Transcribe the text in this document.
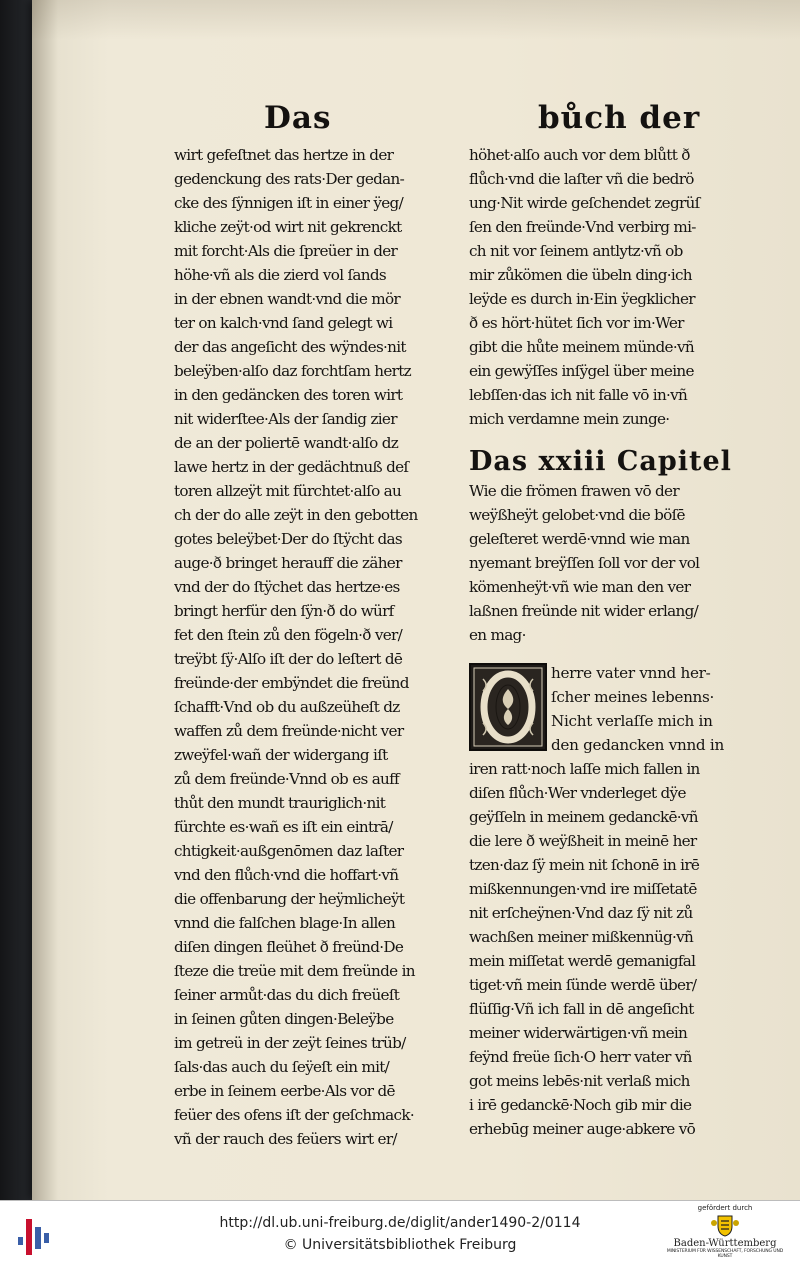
Das	bůch der
wirt gefeſtnet das hertze in der
gedenckung des rats·Der gedan-
cke des ſÿnnigen iſt in einer ÿeg/
kliche zeÿt·od wirt nit gekrenckt
mit forcht·Als die ſpreüer in der
höhe·vñ als die zierd vol ſands
in der ebnen wandt·vnd die mör
ter on kalch·vnd ſand gelegt wi
der das angeſicht des wÿndes·nit
beleÿben·alſo daz forchtſam hertz
in den gedäncken des toren wirt
nit widerſtee·Als der ſandig zier
de an der poliertē wandt·alſo dz
lawe hertz in der gedächtnuß deſ
toren allzeÿt mit fürchtet·alſo au
ch der do alle zeÿt in den gebotten
gotes beleÿbet·Der do ſtÿcht das
auge·ð bringet herauff die zäher
vnd der do ſtÿchet das hertze·es
bringt herfür den ſÿn·ð do würf
fet den ſtein zů den fögeln·ð ver/
treÿbt ſÿ·Alſo iſt der do leſtert dē
freünde·der embÿndet die freünd
ſchafft·Vnd ob du außzeüheſt dz
waffen zů dem freünde·nicht ver
zweÿfel·wañ der widergang iſt
zů dem freünde·Vnnd ob es auff
thůt den mundt trauriglich·nit
fürchte es·wañ es iſt ein eintrā/
chtigkeit·außgenōmen daz laſter
vnd den flůch·vnd die hoffart·vñ
die offenbarung der heÿmlicheÿt
vnnd die falſchen blage·In allen
diſen dingen fleühet ð freünd·De
ſteze die treüe mit dem freünde in
ſeiner armůt·das du dich freüeſt
in ſeinen gůten dingen·Beleÿbe
im getreü in der zeÿt ſeines trüb/
ſals·das auch du ſeÿeſt ein mit/
erbe in ſeinem eerbe·Als vor dē
feüer des ofens iſt der geſchmack·
vñ der rauch des feüers wirt er/
höhet·alſo auch vor dem blůtt ð
flůch·vnd die laſter vñ die bedrö
ung·Nit wirde geſchendet zegrüſ
ſen den freünde·Vnd verbirg mi-
ch nit vor ſeinem antlytz·vñ ob
mir zůkömen die übeln ding·ich
leÿde es durch in·Ein ÿegklicher
ð es hört·hütet ſich vor im·Wer
gibt die hůte meinem münde·vñ
ein gewÿſſes inſÿgel über meine
lebſſen·das ich nit falle vō in·vñ
mich verdamne mein zunge·
Das xxiii Capitel
Wie die frömen frawen vō der
weÿßheÿt gelobet·vnd die böſē
geleſteret werdē·vnnd wie man
nyemant breÿſſen ſoll vor der vol
kömenheÿt·vñ wie man den ver
laßnen freünde nit wider erlang/
en mag·
herre vater vnnd her-
ſcher meines lebenns·
Nicht verlaſſe mich in
den gedancken vnnd in
iren ratt·noch laſſe mich fallen in
diſen flůch·Wer vnderleget dÿe
geÿſſeln in meinem gedanckē·vñ
die lere ð weÿßheit in meinē her
tzen·daz ſÿ mein nit ſchonē in irē
mißkennungen·vnd ire miſſetatē
nit erſcheÿnen·Vnd daz ſÿ nit zů
wachßen meiner mißkennüg·vñ
mein miſſetat werdē gemanigfal
tiget·vñ mein ſünde werdē über/
flüſſig·Vñ ich fall in dē angeſicht
meiner widerwärtigen·vñ mein
feÿnd freüe ſich·O herr vater vñ
got meins lebēs·nit verlaß mich
i irē gedanckē·Noch gib mir die
erhebūg meiner auge·abkere vō
http://dl.ub.uni-freiburg.de/diglit/ander1490-2/0114
© Universitätsbibliothek Freiburg
gefördert durch
Baden-Württemberg
MINISTERIUM FÜR WISSENSCHAFT, FORSCHUNG UND KUNST
